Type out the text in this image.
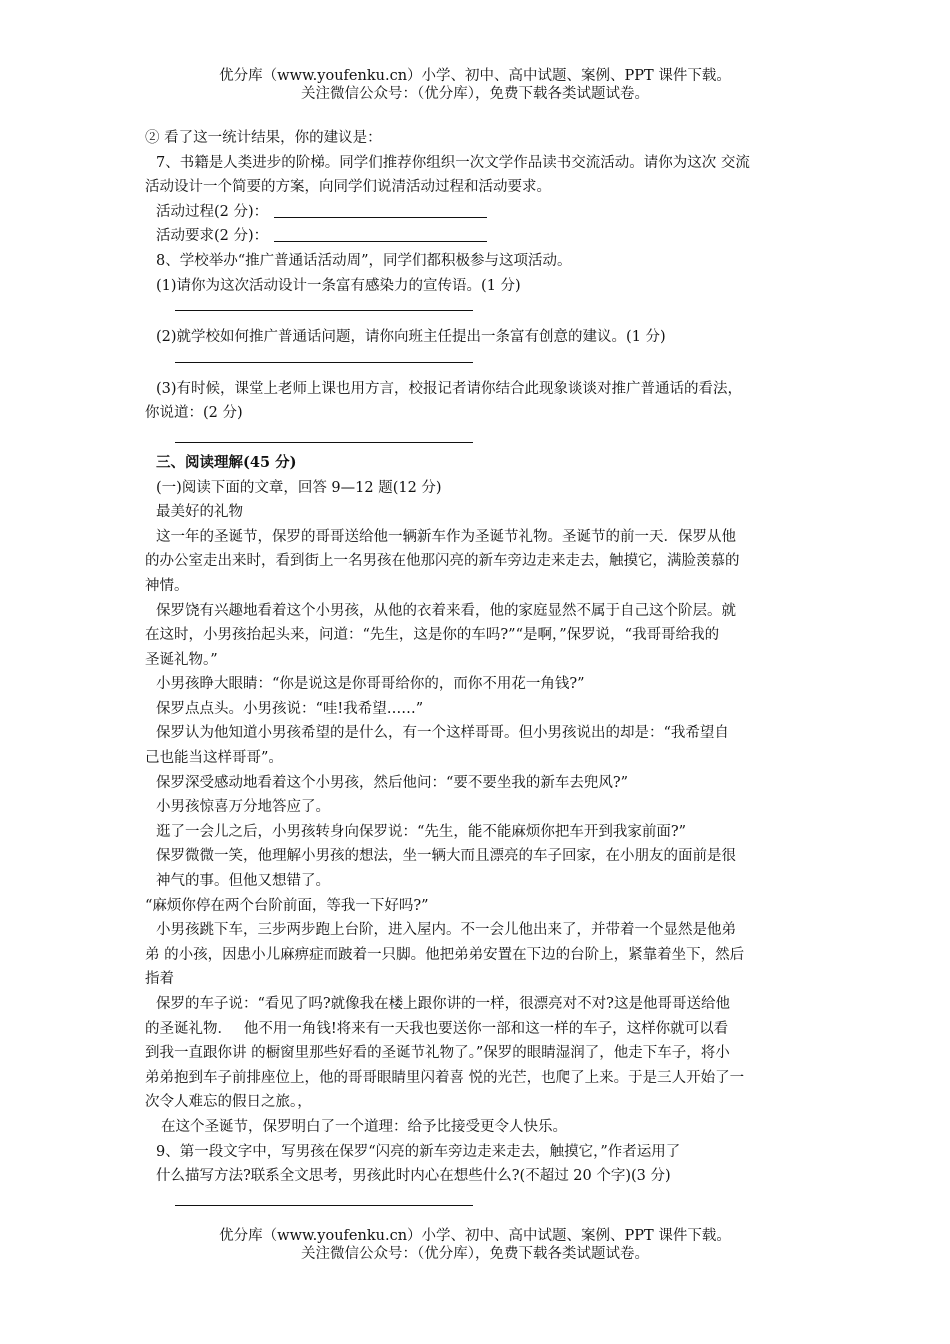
优分库（www.youfenku.cn）小学、初中、高中试题、案例、PPT 课件下载。
关注微信公众号：（优分库），免费下载各类试题试卷。

② 看了这一统计结果，你的建议是：

7、书籍是人类进步的阶梯。同学们推荐你组织一次文学作品读书交流活动。请你为这次 交流

活动设计一个简要的方案，向同学们说清活动过程和活动要求。

活动过程(2 分)：

活动要求(2 分)：

8、学校举办“推广普通话活动周”，同学们都积极参与这项活动。

(1)请你为这次活动设计一条富有感染力的宣传语。(1 分)

(2)就学校如何推广普通话问题，请你向班主任提出一条富有创意的建议。(1 分)

(3)有时候，课堂上老师上课也用方言，校报记者请你结合此现象谈谈对推广普通话的看法，

你说道：(2 分)

三、阅读理解(45 分)

(一)阅读下面的文章，回答 9—12 题(12 分)

最美好的礼物

这一年的圣诞节，保罗的哥哥送给他一辆新车作为圣诞节礼物。圣诞节的前一天．保罗从他

的办公室走出来时，看到街上一名男孩在他那闪亮的新车旁边走来走去，触摸它，满脸羡慕的

神情。

保罗饶有兴趣地看着这个小男孩，从他的衣着来看，他的家庭显然不属于自己这个阶层。就

在这时，小男孩抬起头来，问道：“先生，这是你的车吗?”“是啊，”保罗说，“我哥哥给我的

圣诞礼物。”

小男孩睁大眼睛：“你是说这是你哥哥给你的，而你不用花一角钱?”

保罗点点头。小男孩说：“哇!我希望……”

保罗认为他知道小男孩希望的是什么，有一个这样哥哥。但小男孩说出的却是：“我希望自

己也能当这样哥哥”。

保罗深受感动地看着这个小男孩，然后他问：“要不要坐我的新车去兜风?”

小男孩惊喜万分地答应了。

逛了一会儿之后，小男孩转身向保罗说：“先生，能不能麻烦你把车开到我家前面?”

保罗微微一笑，他理解小男孩的想法，坐一辆大而且漂亮的车子回家，在小朋友的面前是很

神气的事。但他又想错了。

“麻烦你停在两个台阶前面，等我一下好吗?”

小男孩跳下车，三步两步跑上台阶，进入屋内。不一会儿他出来了，并带着一个显然是他弟

弟 的小孩，因患小儿麻痹症而跛着一只脚。他把弟弟安置在下边的台阶上，紧靠着坐下，然后

指着

保罗的车子说：“看见了吗?就像我在楼上跟你讲的一样，很漂亮对不对?这是他哥哥送给他

的圣诞礼物．　 他不用一角钱!将来有一天我也要送你一部和这一样的车子，这样你就可以看

到我一直跟你讲 的橱窗里那些好看的圣诞节礼物了。”保罗的眼睛湿润了，他走下车子，将小

弟弟抱到车子前排座位上，他的哥哥眼睛里闪着喜 悦的光芒，也爬了上来。于是三人开始了一

次令人难忘的假日之旅。，

在这个圣诞节，保罗明白了一个道理：给予比接受更令人快乐。

9、第一段文字中，写男孩在保罗“闪亮的新车旁边走来走去，触摸它，”作者运用了

什么描写方法?联系全文思考，男孩此时内心在想些什么?(不超过 20 个字)(3 分)

优分库（www.youfenku.cn）小学、初中、高中试题、案例、PPT 课件下载。
关注微信公众号：（优分库），免费下载各类试题试卷。
